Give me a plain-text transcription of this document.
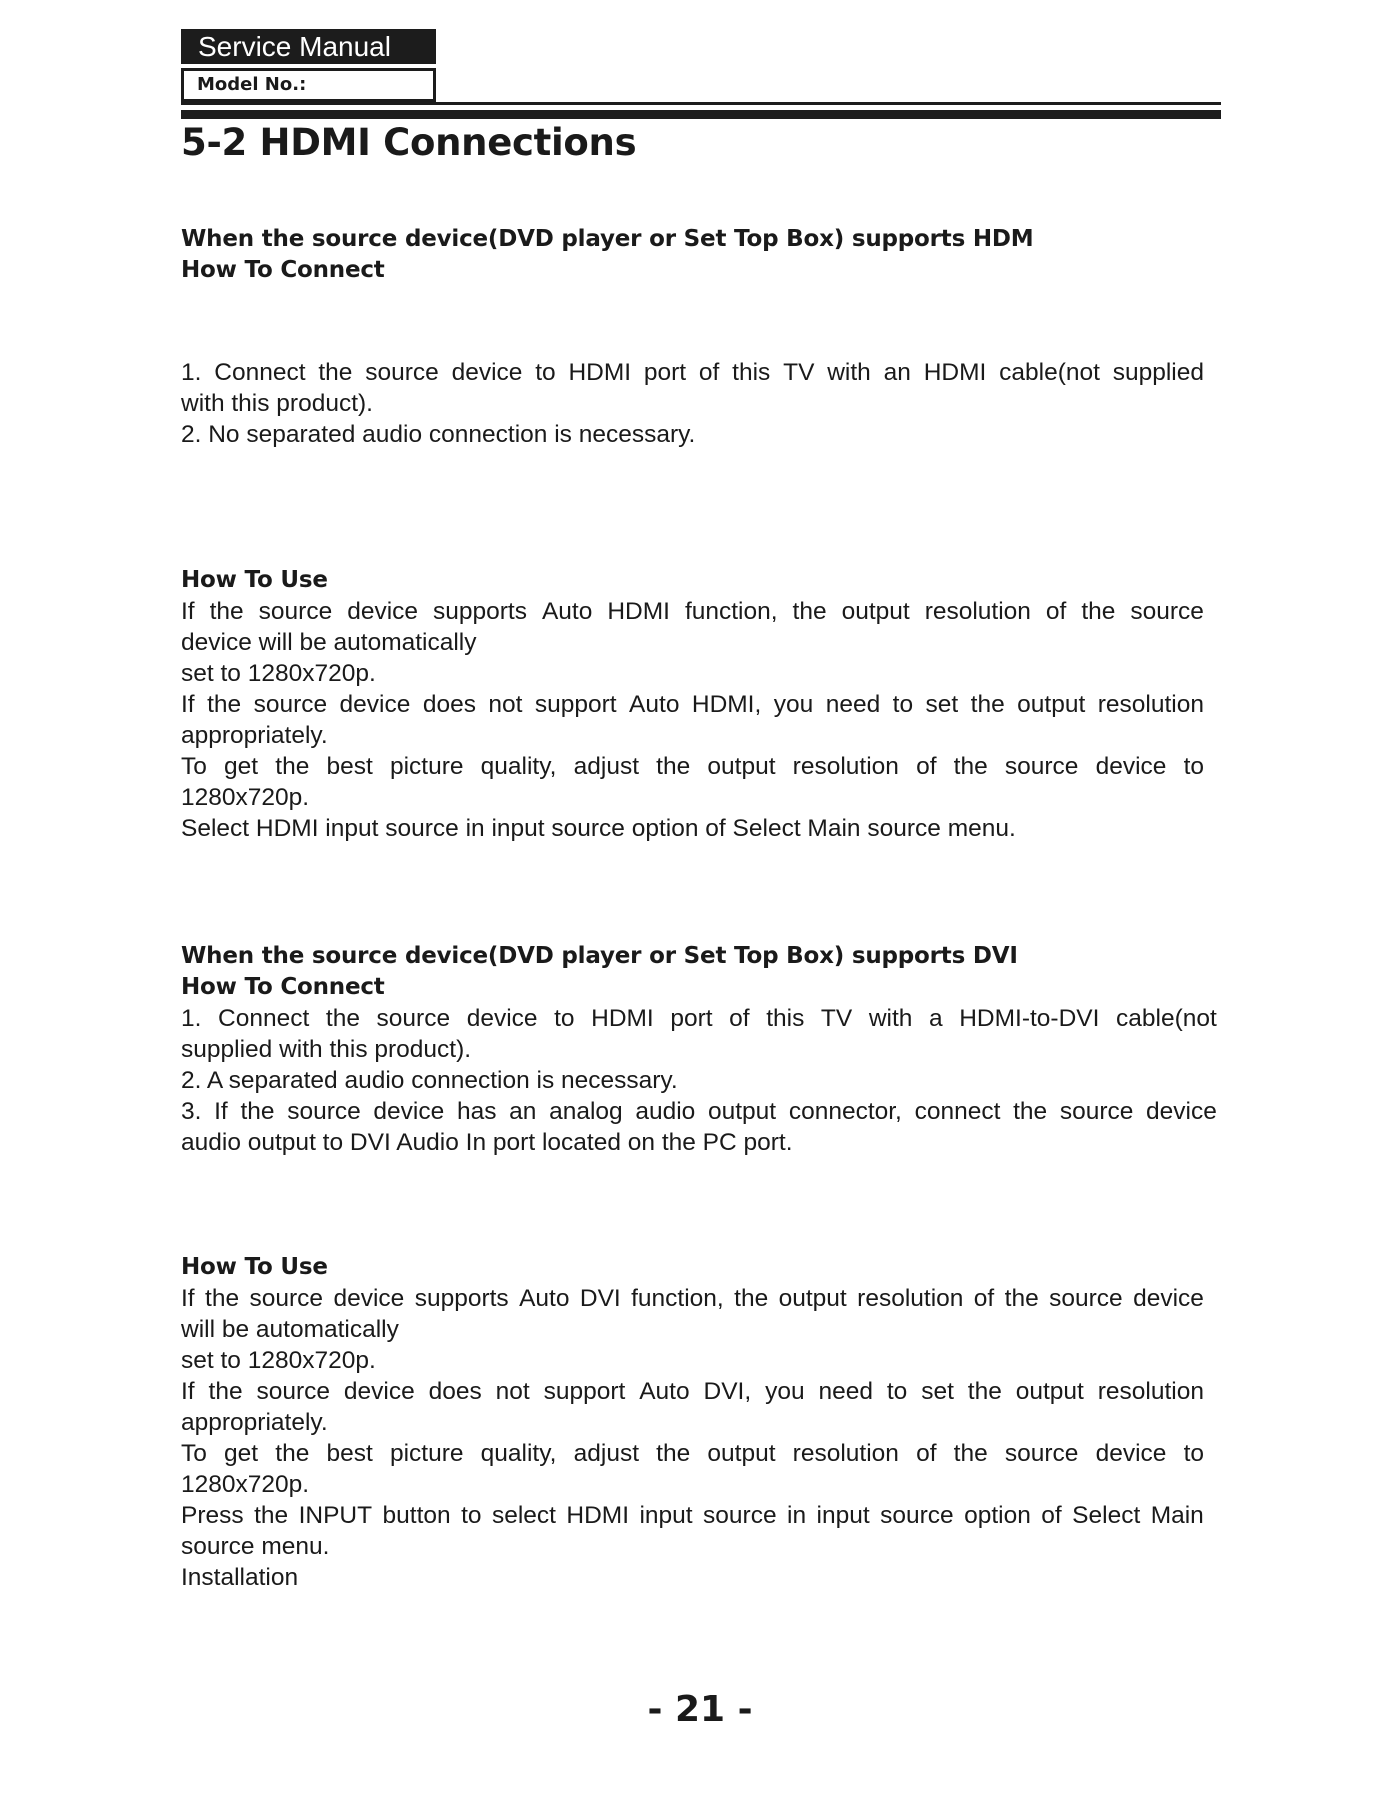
Service Manual
Model No.:
5-2 HDMI Connections

When the source device(DVD player or Set Top Box) supports HDM

How To Connect

1. Connect the source device to HDMI port of this TV with an HDMI cable(not supplied

with this product).

2. No separated audio connection is necessary.

How To Use

If the source device supports Auto HDMI function, the output resolution of the source

device will be automatically

set to 1280x720p.

If the source device does not support Auto HDMI, you need to set the output resolution

appropriately.

To get the best picture quality, adjust the output resolution of the source device to

1280x720p.

Select HDMI input source in input source option of Select Main source menu.

When the source device(DVD player or Set Top Box) supports DVI

How To Connect

1. Connect the source device to HDMI port of this TV with a HDMI-to-DVI cable(not

supplied with this product).

2. A separated audio connection is necessary.

3. If the source device has an analog audio output connector, connect the source device

audio output to DVI Audio In port located on the PC port.

How To Use

If the source device supports Auto DVI function, the output resolution of the source device

will be automatically

set to 1280x720p.

If the source device does not support Auto DVI, you need to set the output resolution

appropriately.

To get the best picture quality, adjust the output resolution of the source device to

1280x720p.

Press the INPUT button to select HDMI input source in input source option of Select Main

source menu.

Installation

- 21 -
